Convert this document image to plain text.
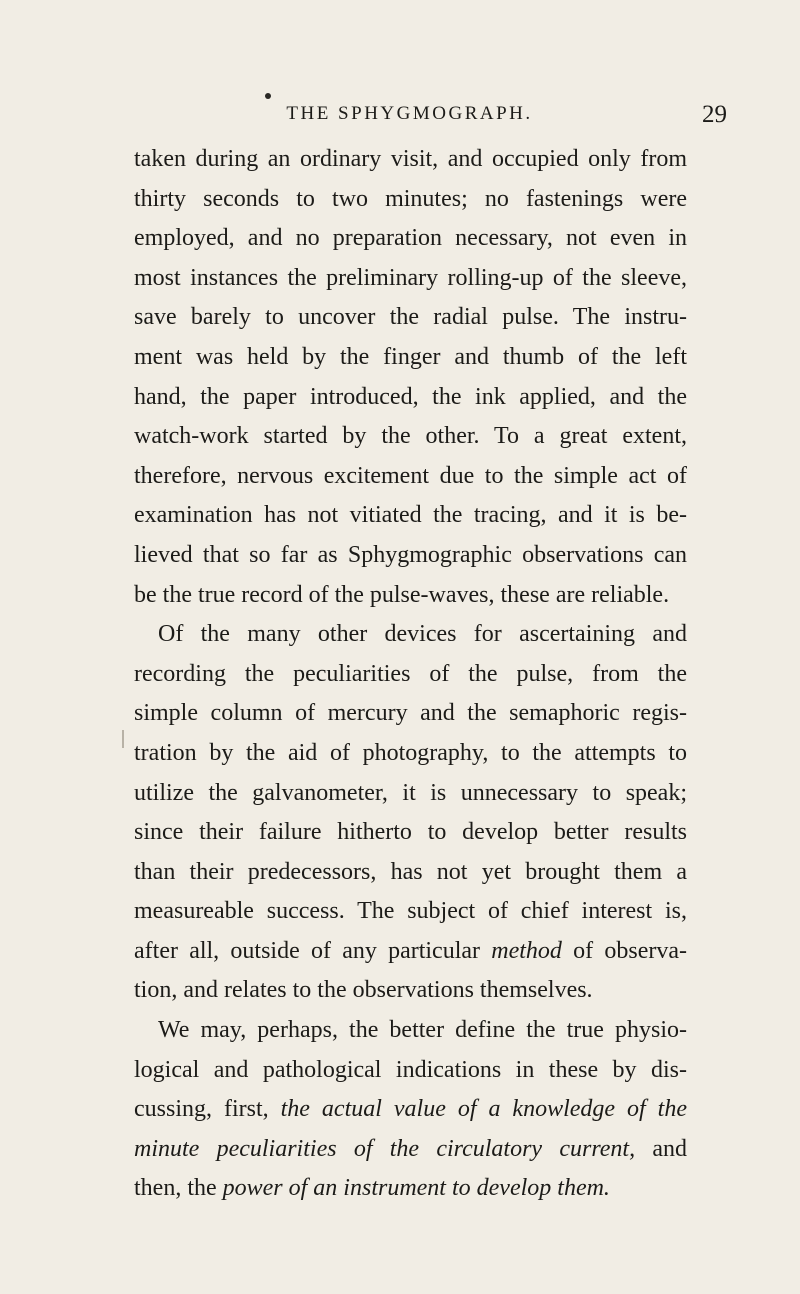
THE SPHYGMOGRAPH.	29
taken during an ordinary visit, and occupied only from
thirty seconds to two minutes; no fastenings were
employed, and no preparation necessary, not even in
most instances the preliminary rolling-up of the sleeve,
save barely to uncover the radial pulse. The instru-
ment was held by the finger and thumb of the left
hand, the paper introduced, the ink applied, and the
watch-work started by the other. To a great extent,
therefore, nervous excitement due to the simple act of
examination has not vitiated the tracing, and it is be-
lieved that so far as Sphygmographic observations can
be the true record of the pulse-waves, these are reliable.
Of the many other devices for ascertaining and
recording the peculiarities of the pulse, from the
simple column of mercury and the semaphoric regis-
tration by the aid of photography, to the attempts to
utilize the galvanometer, it is unnecessary to speak;
since their failure hitherto to develop better results
than their predecessors, has not yet brought them a
measureable success. The subject of chief interest is,
after all, outside of any particular method of observa-
tion, and relates to the observations themselves.
We may, perhaps, the better define the true physio-
logical and pathological indications in these by dis-
cussing, first, the actual value of a knowledge of the
minute peculiarities of the circulatory current, and
then, the power of an instrument to develop them.
